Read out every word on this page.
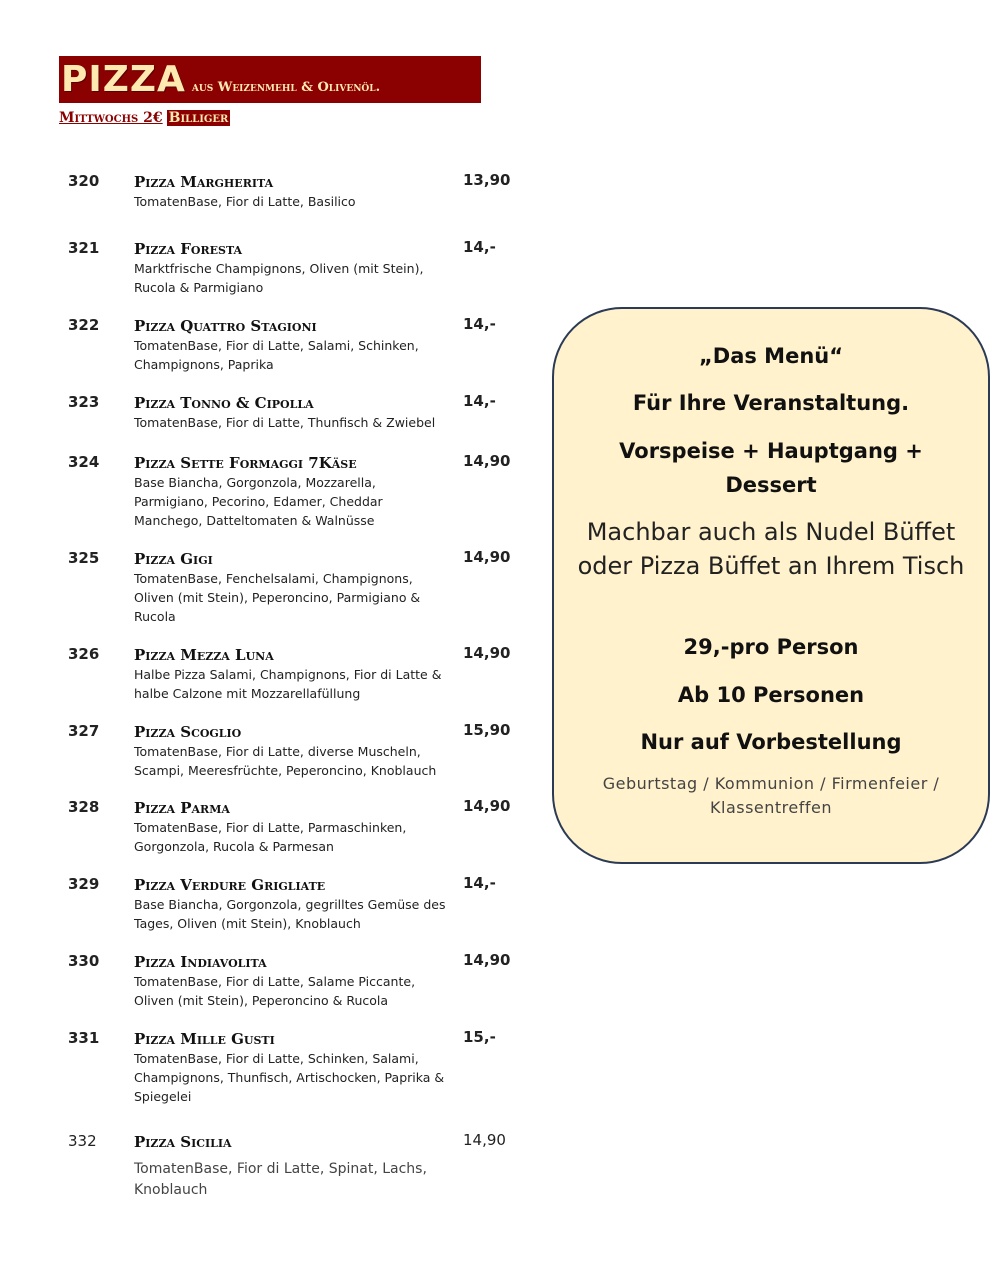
PIZZA aus Weizenmehl & Olivenöl.
Mittwochs 2€ Billiger
320 Pizza Margherita
TomatenBase, Fior di Latte, Basilico
13,90
321 Pizza Foresta
Marktfrische Champignons, Oliven (mit Stein), Rucola & Parmigiano
14,-
322 Pizza Quattro Stagioni
TomatenBase, Fior di Latte, Salami, Schinken, Champignons, Paprika
14,-
323 Pizza Tonno & Cipolla
TomatenBase, Fior di Latte, Thunfisch & Zwiebel
14,-
324 Pizza Sette Formaggi 7Käse
Base Biancha, Gorgonzola, Mozzarella, Parmigiano, Pecorino, Edamer, Cheddar Manchego, Datteltomaten & Walnüsse
14,90
325 Pizza Gigi
TomatenBase, Fenchelsalami, Champignons, Oliven (mit Stein), Peperoncino, Parmigiano & Rucola
14,90
326 Pizza Mezza Luna
Halbe Pizza Salami, Champignons, Fior di Latte & halbe Calzone mit Mozzarellafüllung
14,90
327 Pizza Scoglio
TomatenBase, Fior di Latte, diverse Muscheln, Scampi, Meeresfrüchte, Peperoncino, Knoblauch
15,90
328 Pizza Parma
TomatenBase, Fior di Latte, Parmaschinken, Gorgonzola, Rucola & Parmesan
14,90
329 Pizza Verdure Grigliate
Base Biancha, Gorgonzola, gegrilltes Gemüse des Tages, Oliven (mit Stein), Knoblauch
14,-
330 Pizza Indiavolita
TomatenBase, Fior di Latte, Salame Piccante, Oliven (mit Stein), Peperoncino & Rucola
14,90
331 Pizza Mille Gusti
TomatenBase, Fior di Latte, Schinken, Salami, Champignons, Thunfisch, Artischocken, Paprika & Spiegelei
15,-
332 Pizza Sicilia
TomatenBase, Fior di Latte, Spinat, Lachs, Knoblauch
14,90
„Das Menü“
Für Ihre Veranstaltung.
Vorspeise + Hauptgang + Dessert
Machbar auch als Nudel Büffet oder Pizza Büffet an Ihrem Tisch
29,-pro Person
Ab 10 Personen
Nur auf Vorbestellung
Geburtstag / Kommunion / Firmenfeier / Klassentreffen
